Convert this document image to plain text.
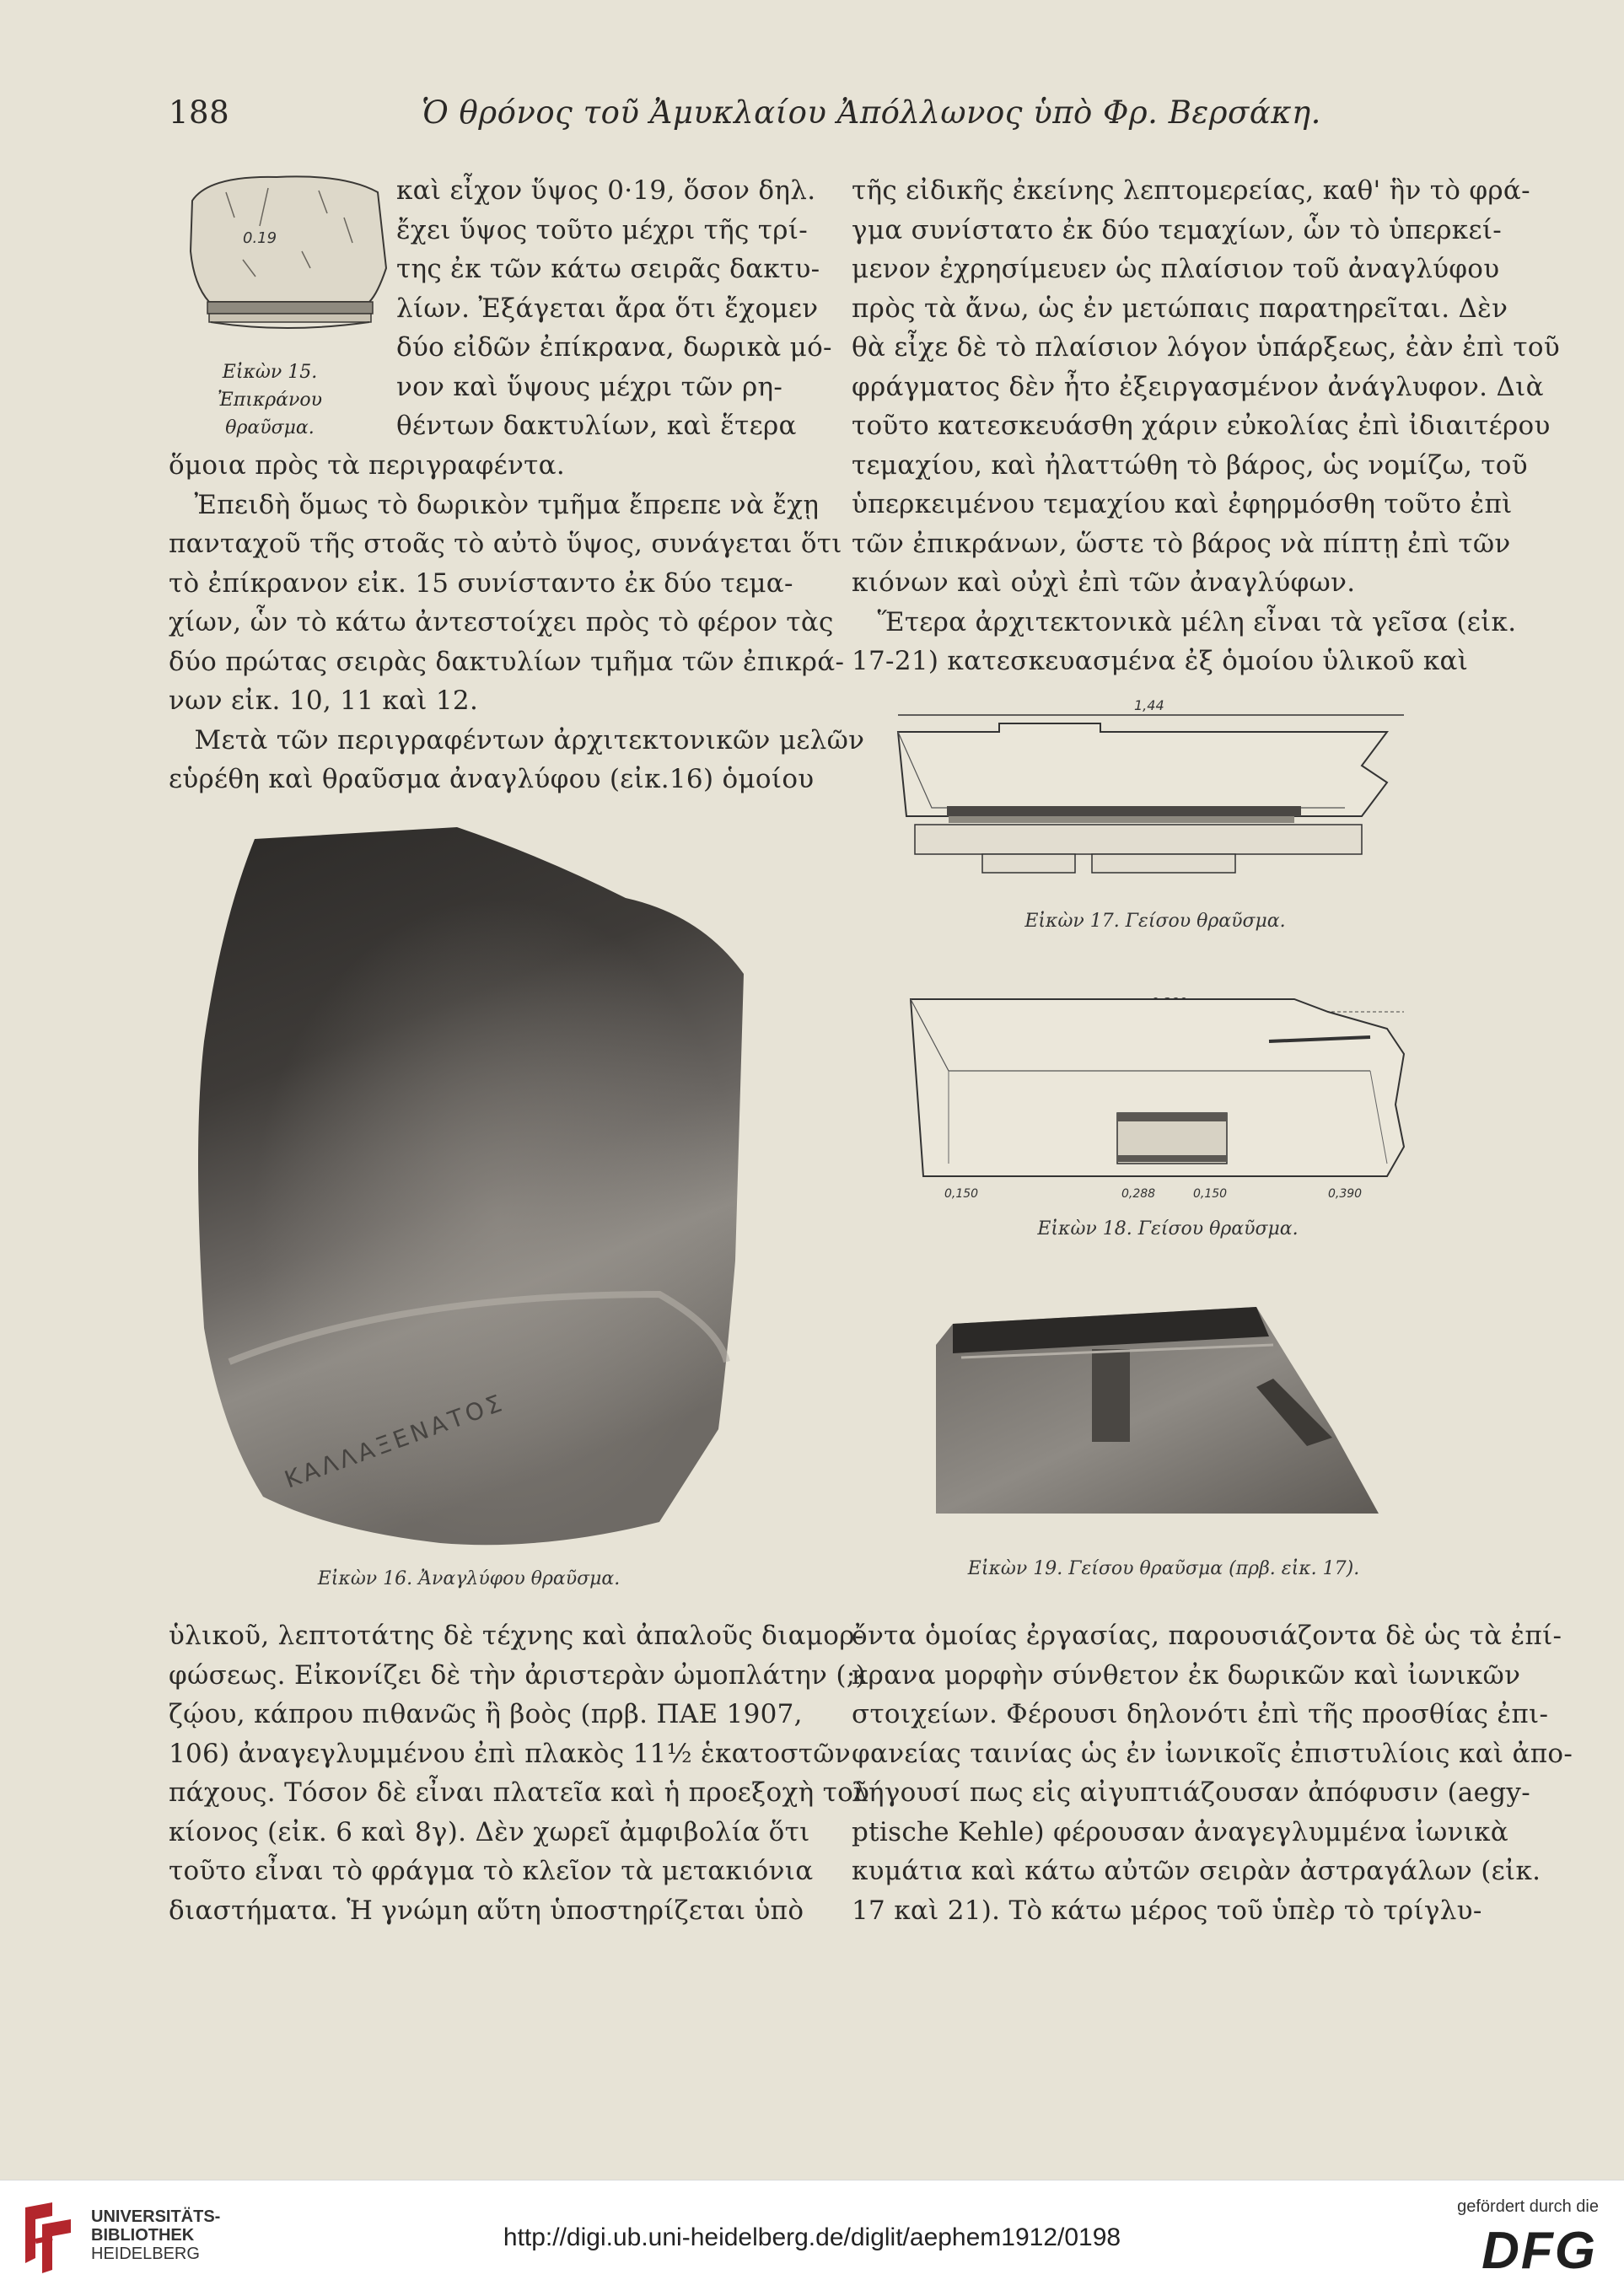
188	Ὁ θρόνος τοῦ Ἀμυκλαίου Ἀπόλλωνος ὑπὸ Φρ. Βερσάκη.
0.19
Εἰκὼν 15.
Ἐπικράνου θραῦσμα.
καὶ εἶχον ὕψος 0·19, ὅσον δηλ.
ἔχει ὕψος τοῦτο μέχρι τῆς τρί-
της ἐκ τῶν κάτω σειρᾶς δακτυ-
λίων. Ἐξάγεται ἄρα ὅτι ἔχομεν
δύο εἰδῶν ἐπίκρανα, δωρικὰ μό-
νον καὶ ὕψους μέχρι τῶν ρη-
θέντων δακτυλίων, καὶ ἕτερα
ὅμοια πρὸς τὰ περιγραφέντα.
Ἐπειδὴ ὅμως τὸ δωρικὸν τμῆμα ἔπρεπε νὰ ἔχῃ
πανταχοῦ τῆς στοᾶς τὸ αὐτὸ ὕψος, συνάγεται ὅτι
τὸ ἐπίκρανον εἰκ. 15 συνίσταντο ἐκ δύο τεμα-
χίων, ὧν τὸ κάτω ἀντεστοίχει πρὸς τὸ φέρον τὰς
δύο πρώτας σειρὰς δακτυλίων τμῆμα τῶν ἐπικρά-
νων εἰκ. 10, 11 καὶ 12.
Μετὰ τῶν περιγραφέντων ἀρχιτεκτονικῶν μελῶν
εὑρέθη καὶ θραῦσμα ἀναγλύφου (εἰκ.16) ὁμοίου
ΚΑΛΛΑΞΕΝΑΤΟΣ
Εἰκὼν 16. Ἀναγλύφου θραῦσμα.
τῆς εἰδικῆς ἐκείνης λεπτομερείας, καθ' ἣν τὸ φρά-
γμα συνίστατο ἐκ δύο τεμαχίων, ὧν τὸ ὑπερκεί-
μενον ἐχρησίμευεν ὡς πλαίσιον τοῦ ἀναγλύφου
πρὸς τὰ ἄνω, ὡς ἐν μετώπαις παρατηρεῖται. Δὲν
θὰ εἶχε δὲ τὸ πλαίσιον λόγον ὑπάρξεως, ἐὰν ἐπὶ τοῦ
φράγματος δὲν ἦτο ἐξειργασμένον ἀνάγλυφον. Διὰ
τοῦτο κατεσκευάσθη χάριν εὐκολίας ἐπὶ ἰδιαιτέρου
τεμαχίου, καὶ ἠλαττώθη τὸ βάρος, ὡς νομίζω, τοῦ
ὑπερκειμένου τεμαχίου καὶ ἐφηρμόσθη τοῦτο ἐπὶ
τῶν ἐπικράνων, ὥστε τὸ βάρος νὰ πίπτῃ ἐπὶ τῶν
κιόνων καὶ οὐχὶ ἐπὶ τῶν ἀναγλύφων.
Ἕτερα ἀρχιτεκτονικὰ μέλη εἶναι τὰ γεῖσα (εἰκ.
17-21) κατεσκευασμένα ἐξ ὁμοίου ὑλικοῦ καὶ
1,44
Εἰκὼν 17. Γείσου θραῦσμα.
0,150	0,288	0,150	0,390
Εἰκὼν 18. Γείσου θραῦσμα.
Εἰκὼν 19. Γείσου θραῦσμα (πρβ. εἰκ. 17).
ὑλικοῦ, λεπτοτάτης δὲ τέχνης καὶ ἀπαλοῦς διαμορ-
φώσεως. Εἰκονίζει δὲ τὴν ἀριστερὰν ὠμοπλάτην (;)
ζῴου, κάπρου πιθανῶς ἢ βοὸς (πρβ. ΠΑΕ 1907,
106) ἀναγεγλυμμένου ἐπὶ πλακὸς 11½ ἑκατοστῶν
πάχους. Τόσον δὲ εἶναι πλατεῖα καὶ ἡ προεξοχὴ τοῦ
κίονος (εἰκ. 6 καὶ 8γ). Δὲν χωρεῖ ἀμφιβολία ὅτι
τοῦτο εἶναι τὸ φράγμα τὸ κλεῖον τὰ μετακιόνια
διαστήματα. Ἡ γνώμη αὕτη ὑποστηρίζεται ὑπὸ
ὄντα ὁμοίας ἐργασίας, παρουσιάζοντα δὲ ὡς τὰ ἐπί-
κρανα μορφὴν σύνθετον ἐκ δωρικῶν καὶ ἰωνικῶν
στοιχείων. Φέρουσι δηλονότι ἐπὶ τῆς προσθίας ἐπι-
φανείας ταινίας ὡς ἐν ἰωνικοῖς ἐπιστυλίοις καὶ ἀπο-
λήγουσί πως εἰς αἰγυπτιάζουσαν ἀπόφυσιν (aegy-
ptische Kehle) φέρουσαν ἀναγεγλυμμένα ἰωνικὰ
κυμάτια καὶ κάτω αὐτῶν σειρὰν ἀστραγάλων (εἰκ.
17 καὶ 21). Τὸ κάτω μέρος τοῦ ὑπὲρ τὸ τρίγλυ-
UNIVERSITÄTS-
BIBLIOTHEK
HEIDELBERG
gefördert durch die
DFG
http://digi.ub.uni-heidelberg.de/diglit/aephem1912/0198
